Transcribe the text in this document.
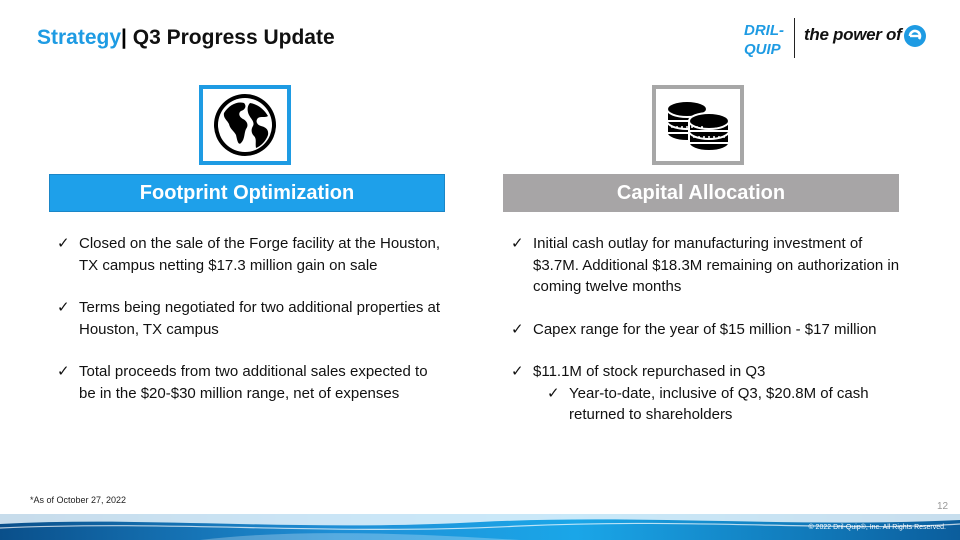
Strategy| Q3 Progress Update	DRIL-
QUIP
the power of
Footprint Optimization
✓ Closed on the sale of the Forge facility at the Houston, TX campus netting $17.3 million gain on sale
✓ Terms being negotiated for two additional properties at Houston, TX campus
✓ Total proceeds from two additional sales expected to be in the $20-$30 million range, net of expenses
Capital Allocation
✓ Initial cash outlay for manufacturing investment of $3.7M. Additional $18.3M remaining on authorization in coming twelve months
✓ Capex range for the year of $15 million - $17 million
✓ $11.1M of stock repurchased in Q3
✓ Year-to-date, inclusive of Q3, $20.8M of cash returned to shareholders
*As of October 27, 2022
12
© 2022 Dril-Quip®, Inc. All Rights Reserved.
